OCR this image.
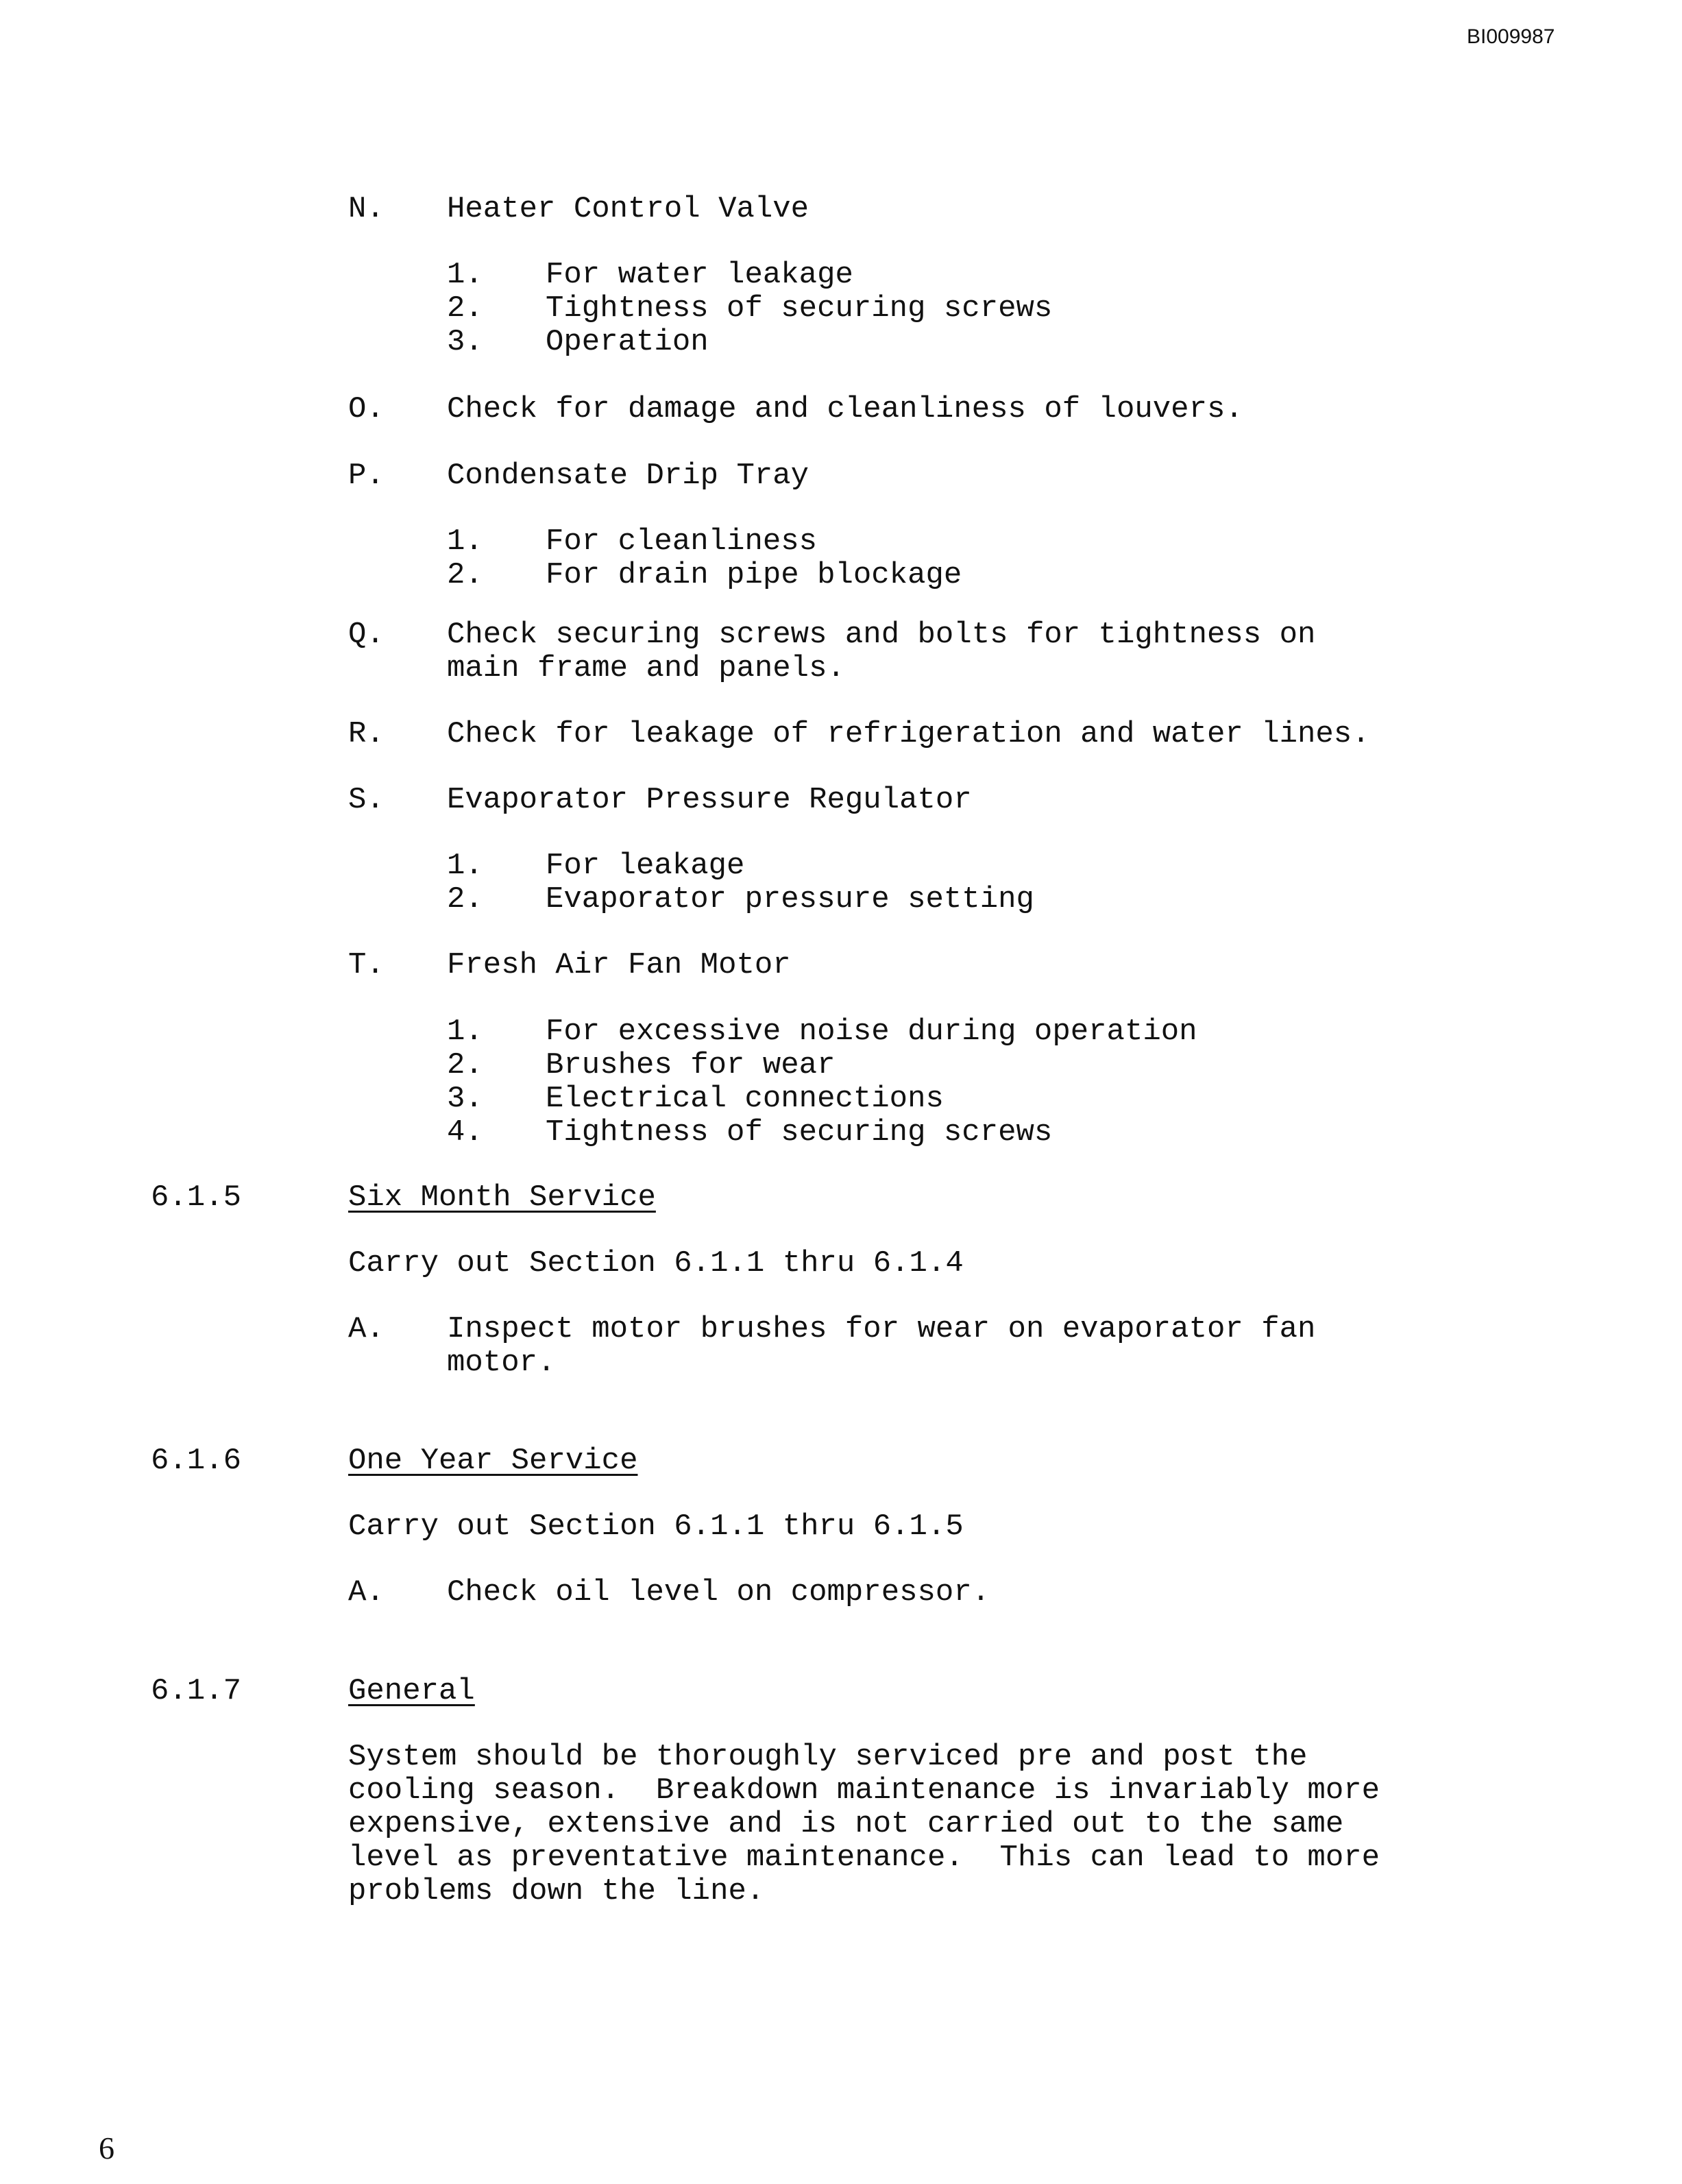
BI009987
N. Heater Control Valve
1. For water leakage
2. Tightness of securing screws
3. Operation
O. Check for damage and cleanliness of louvers.
P. Condensate Drip Tray
1. For cleanliness
2. For drain pipe blockage
Q. Check securing screws and bolts for tightness on
main frame and panels.
R. Check for leakage of refrigeration and water lines.
S. Evaporator Pressure Regulator
1. For leakage
2. Evaporator pressure setting
T. Fresh Air Fan Motor
1. For excessive noise during operation
2. Brushes for wear
3. Electrical connections
4. Tightness of securing screws
6.1.5	Six Month Service
Carry out Section 6.1.1 thru 6.1.4
A. Inspect motor brushes for wear on evaporator fan
motor.
6.1.6	One Year Service
Carry out Section 6.1.1 thru 6.1.5
A. Check oil level on compressor.
6.1.7	General
System should be thoroughly serviced pre and post the
cooling season.  Breakdown maintenance is invariably more
expensive, extensive and is not carried out to the same
level as preventative maintenance.  This can lead to more
problems down the line.
6
